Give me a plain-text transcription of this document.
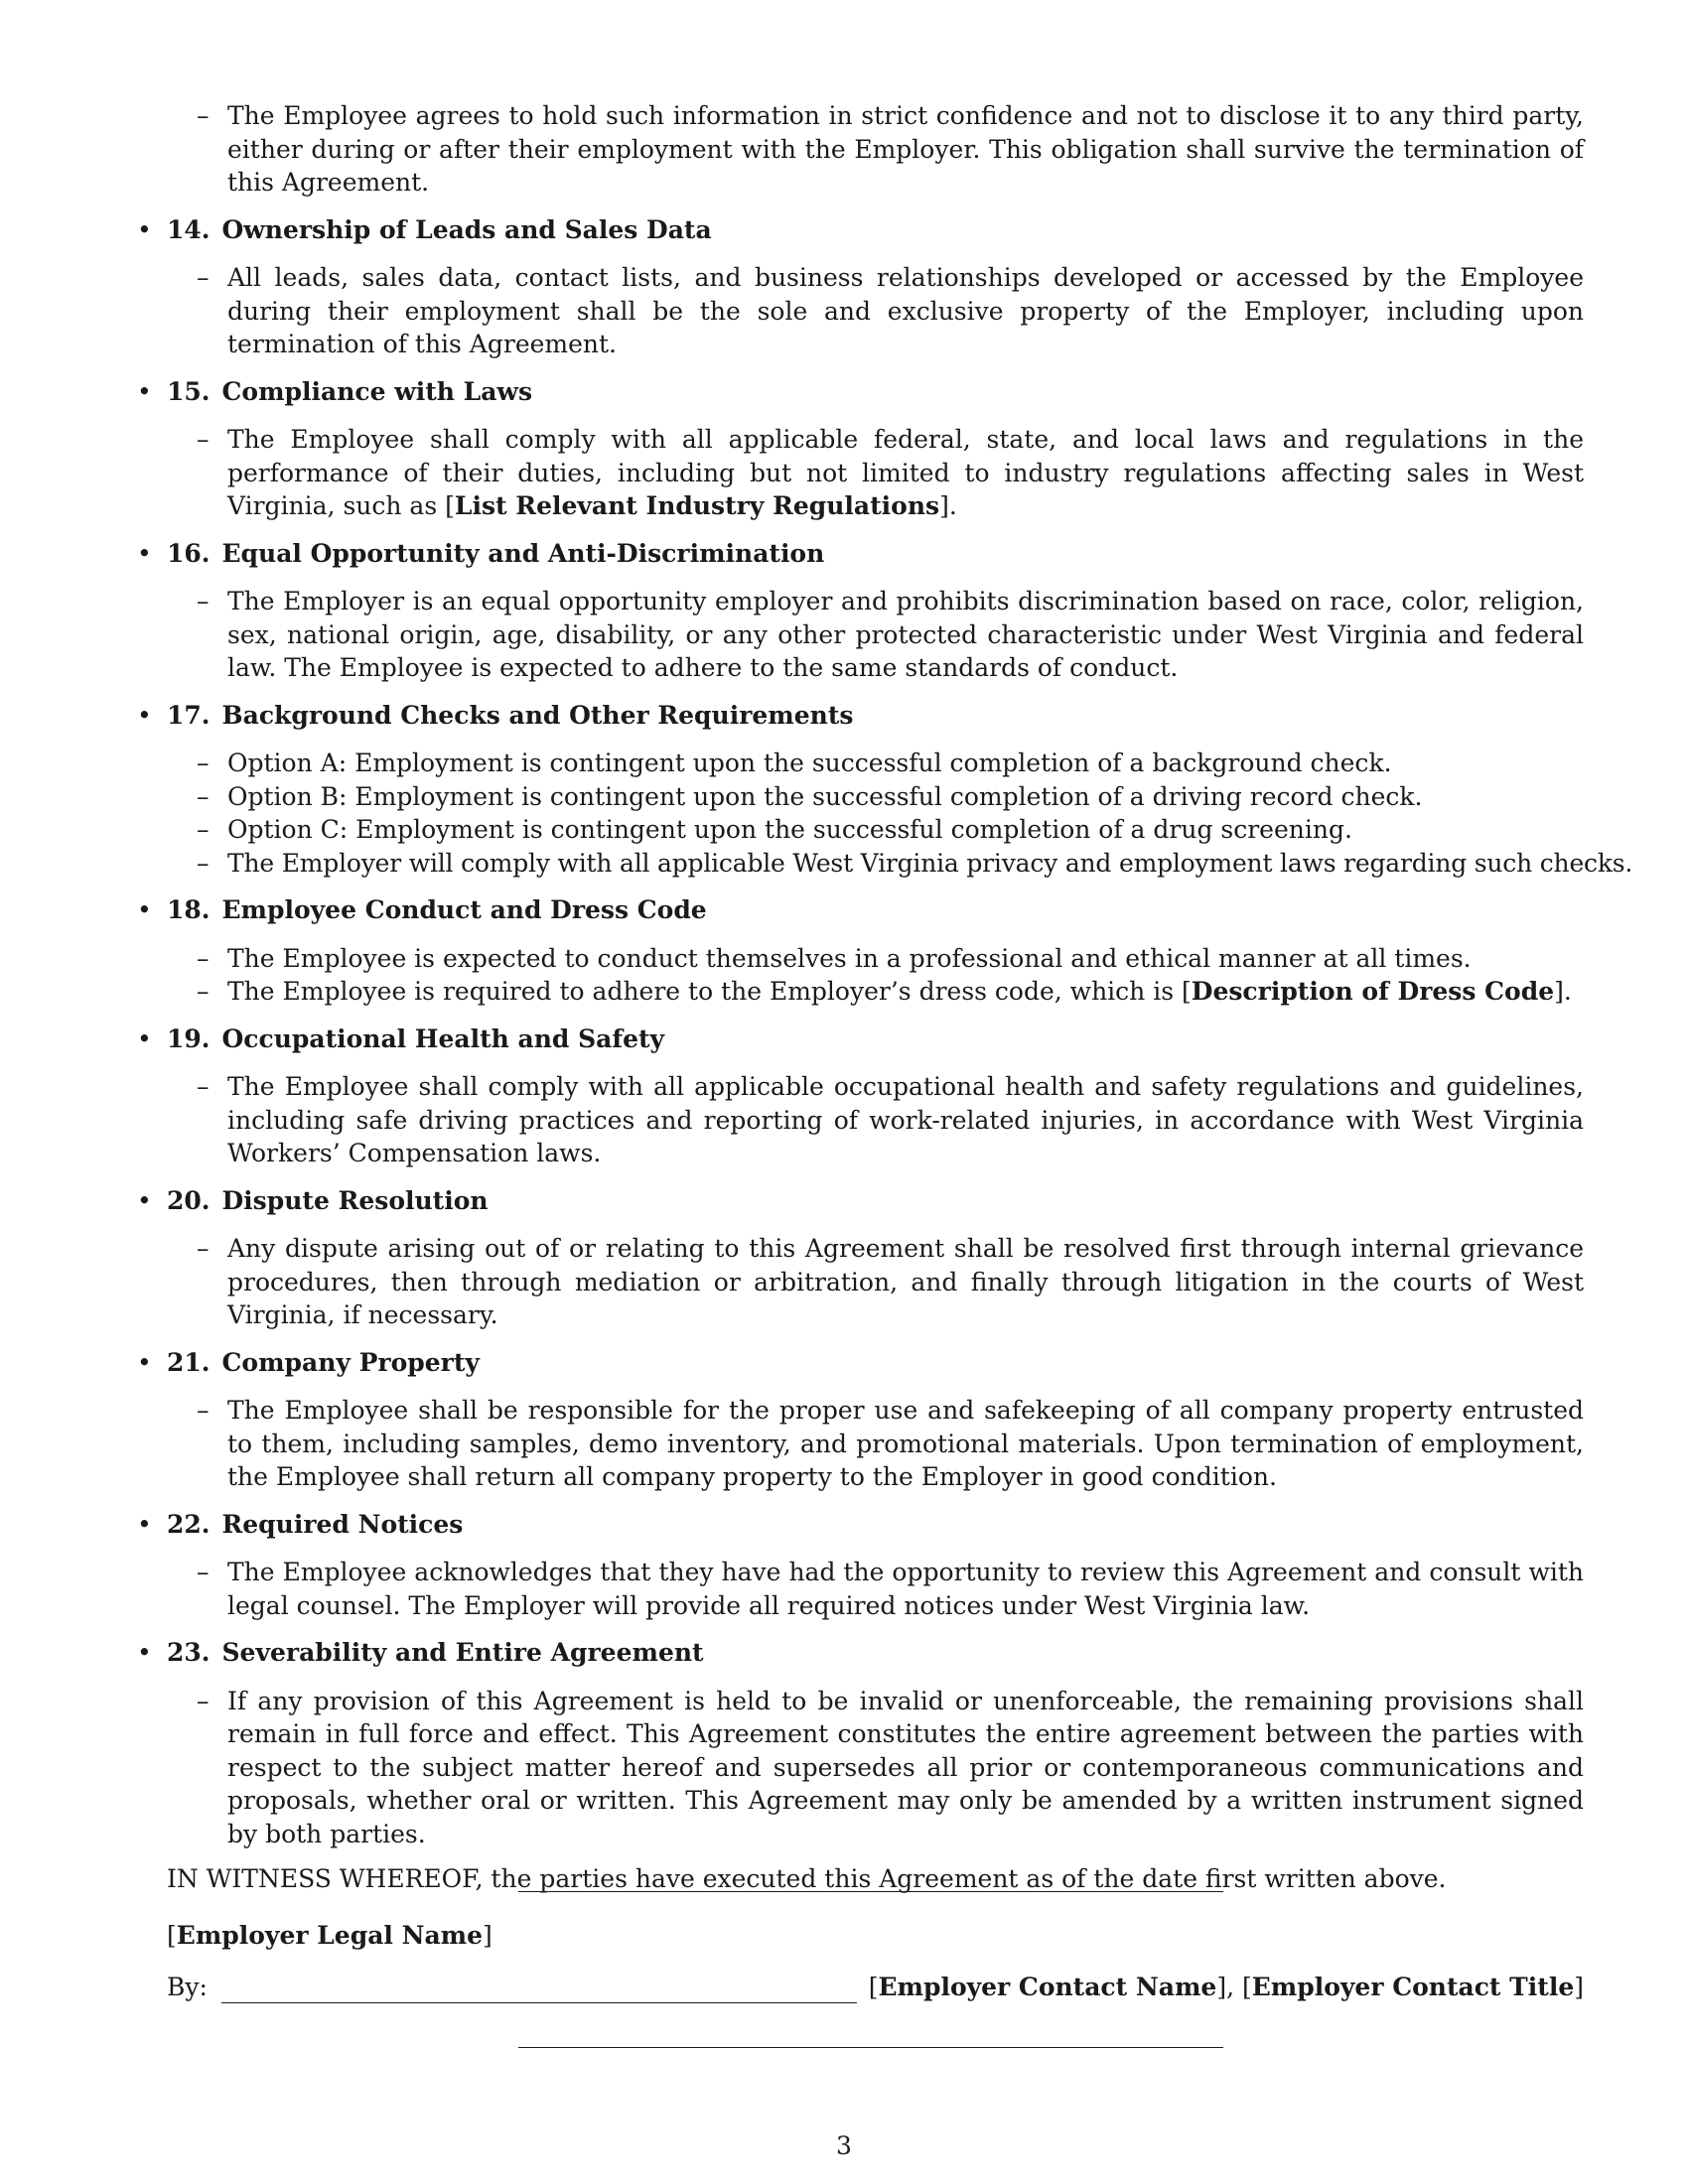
– The Employee agrees to hold such information in strict confidence and not to disclose it to any third party, either during or after their employment with the Employer. This obligation shall survive the termination of this Agreement.

• 14. Ownership of Leads and Sales Data

– All leads, sales data, contact lists, and business relationships developed or accessed by the Employee during their employment shall be the sole and exclusive property of the Employer, including upon termination of this Agreement.

• 15. Compliance with Laws

– The Employee shall comply with all applicable federal, state, and local laws and regulations in the performance of their duties, including but not limited to industry regulations affecting sales in West Virginia, such as [List Relevant Industry Regulations].

• 16. Equal Opportunity and Anti-Discrimination

– The Employer is an equal opportunity employer and prohibits discrimination based on race, color, religion, sex, national origin, age, disability, or any other protected characteristic under West Virginia and federal law. The Employee is expected to adhere to the same standards of conduct.

• 17. Background Checks and Other Requirements

– Option A: Employment is contingent upon the successful completion of a background check.

– Option B: Employment is contingent upon the successful completion of a driving record check.

– Option C: Employment is contingent upon the successful completion of a drug screening.

– The Employer will comply with all applicable West Virginia privacy and employment laws regarding such checks.

• 18. Employee Conduct and Dress Code

– The Employee is expected to conduct themselves in a professional and ethical manner at all times.

– The Employee is required to adhere to the Employer’s dress code, which is [Description of Dress Code].

• 19. Occupational Health and Safety

– The Employee shall comply with all applicable occupational health and safety regulations and guidelines, including safe driving practices and reporting of work-related injuries, in accordance with West Virginia Workers’ Compensation laws.

• 20. Dispute Resolution

– Any dispute arising out of or relating to this Agreement shall be resolved first through internal grievance procedures, then through mediation or arbitration, and finally through litigation in the courts of West Virginia, if necessary.

• 21. Company Property

– The Employee shall be responsible for the proper use and safekeeping of all company property entrusted to them, including samples, demo inventory, and promotional materials. Upon termination of employment, the Employee shall return all company property to the Employer in good condition.

• 22. Required Notices

– The Employee acknowledges that they have had the opportunity to review this Agreement and consult with legal counsel. The Employer will provide all required notices under West Virginia law.

• 23. Severability and Entire Agreement

– If any provision of this Agreement is held to be invalid or unenforceable, the remaining provisions shall remain in full force and effect. This Agreement constitutes the entire agreement between the parties with respect to the subject matter hereof and supersedes all prior or contemporaneous communications and proposals, whether oral or written. This Agreement may only be amended by a written instrument signed by both parties.

IN WITNESS WHEREOF, the parties have executed this Agreement as of the date first written above.

[Employer Legal Name]
By:	[Employer Contact Name], [Employer Contact Title]
3
